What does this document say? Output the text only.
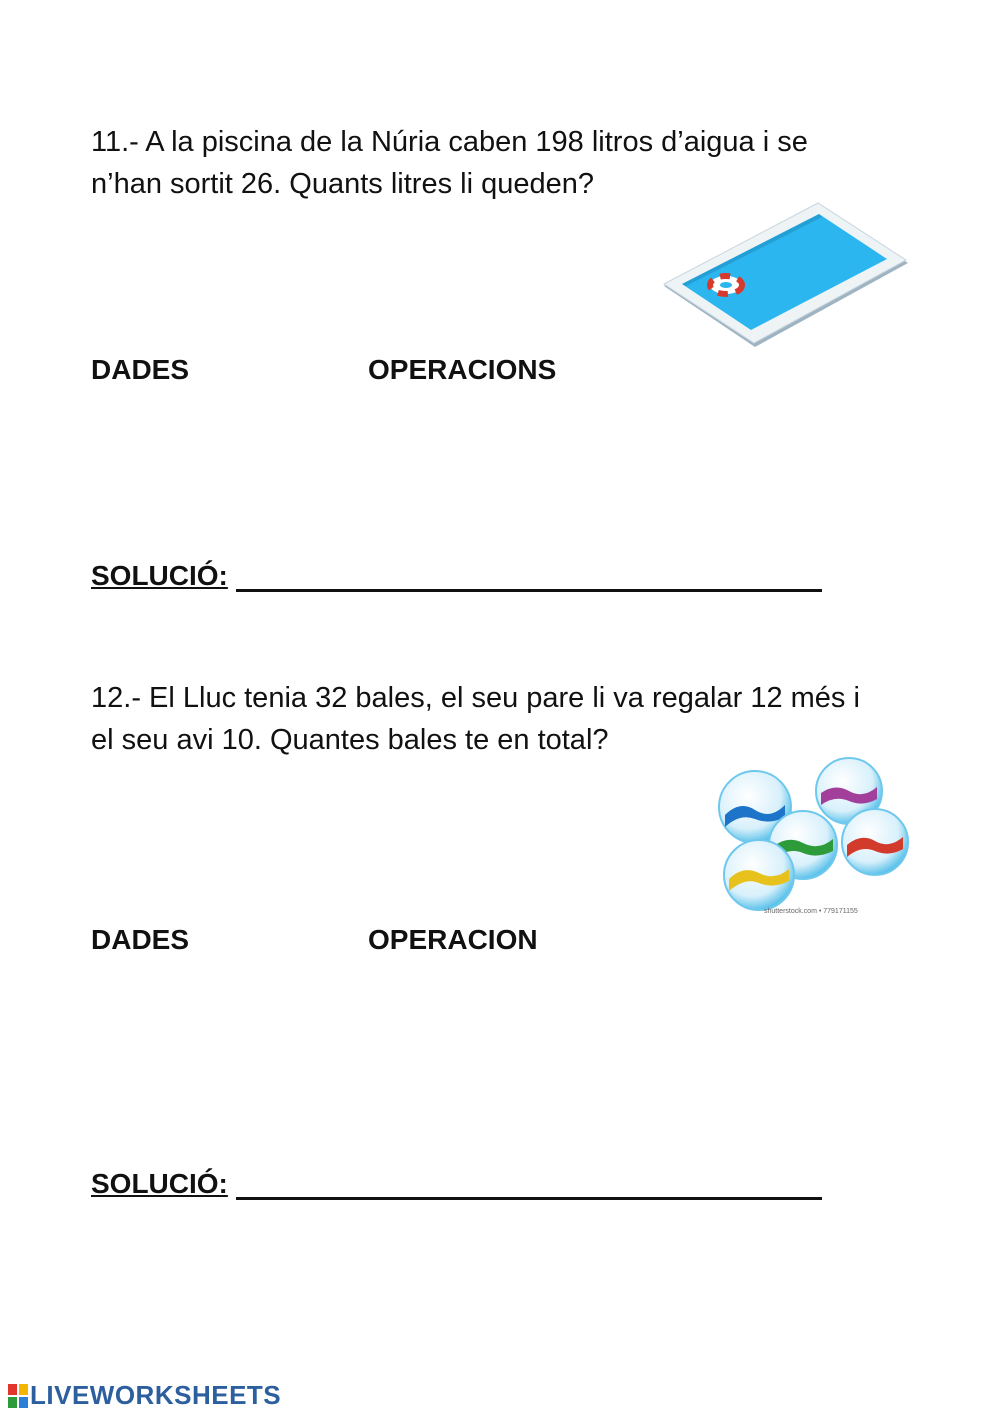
11.- A la piscina de la Núria caben 198 litros d’aigua i se
n’han sortit 26. Quants litres li queden?

DADES	OPERACIONS
SOLUCIÓ:

12.- El Lluc tenia 32 bales, el seu pare li va regalar 12 més i
el seu avi 10. Quantes bales te en total?

shutterstock.com • 779171155
DADES	OPERACION
SOLUCIÓ:
LIVEWORKSHEETS
